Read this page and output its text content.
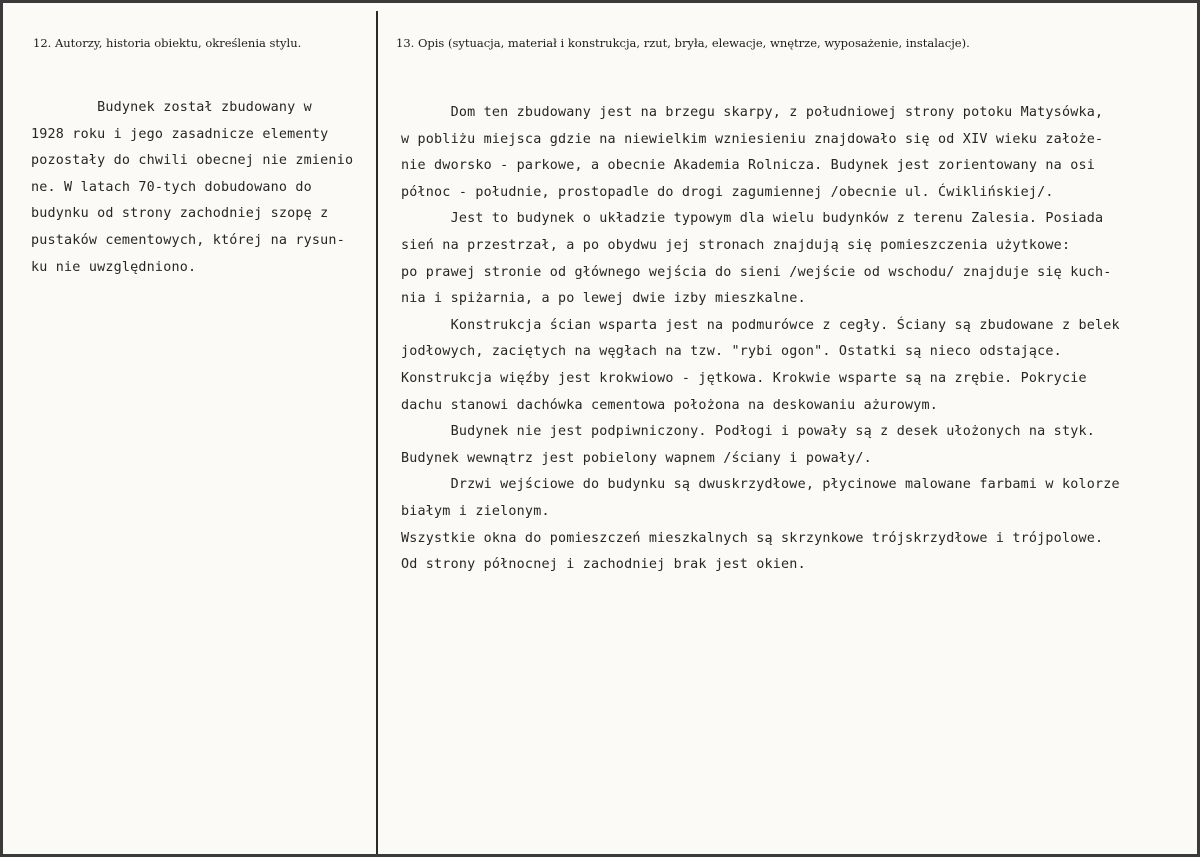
12. Autorzy, historia obiektu, określenia stylu.	13. Opis (sytuacja, materiał i konstrukcja, rzut, bryła, elewacje, wnętrze, wyposażenie, instalacje).
Budynek został zbudowany w
1928 roku i jego zasadnicze elementy
pozostały do chwili obecnej nie zmienio
ne. W latach 70-tych dobudowano do
budynku od strony zachodniej szopę z
pustaków cementowych, której na rysun-
ku nie uwzględniono.
Dom ten zbudowany jest na brzegu skarpy, z południowej strony potoku Matysówka,
w pobliżu miejsca gdzie na niewielkim wzniesieniu znajdowało się od XIV wieku założe-
nie dworsko - parkowe, a obecnie Akademia Rolnicza. Budynek jest zorientowany na osi
północ - południe, prostopadle do drogi zagumiennej /obecnie ul. Ćwiklińskiej/.
Jest to budynek o układzie typowym dla wielu budynków z terenu Zalesia. Posiada
sień na przestrzał, a po obydwu jej stronach znajdują się pomieszczenia użytkowe:
po prawej stronie od głównego wejścia do sieni /wejście od wschodu/ znajduje się kuch-
nia i spiżarnia, a po lewej dwie izby mieszkalne.
Konstrukcja ścian wsparta jest na podmurówce z cegły. Ściany są zbudowane z belek
jodłowych, zaciętych na węgłach na tzw. "rybi ogon". Ostatki są nieco odstające.
Konstrukcja więźby jest krokwiowo - jętkowa. Krokwie wsparte są na zrębie. Pokrycie
dachu stanowi dachówka cementowa położona na deskowaniu ażurowym.
Budynek nie jest podpiwniczony. Podłogi i powały są z desek ułożonych na styk.
Budynek wewnątrz jest pobielony wapnem /ściany i powały/.
Drzwi wejściowe do budynku są dwuskrzydłowe, płycinowe malowane farbami w kolorze
białym i zielonym.
Wszystkie okna do pomieszczeń mieszkalnych są skrzynkowe trójskrzydłowe i trójpolowe.
Od strony północnej i zachodniej brak jest okien.
